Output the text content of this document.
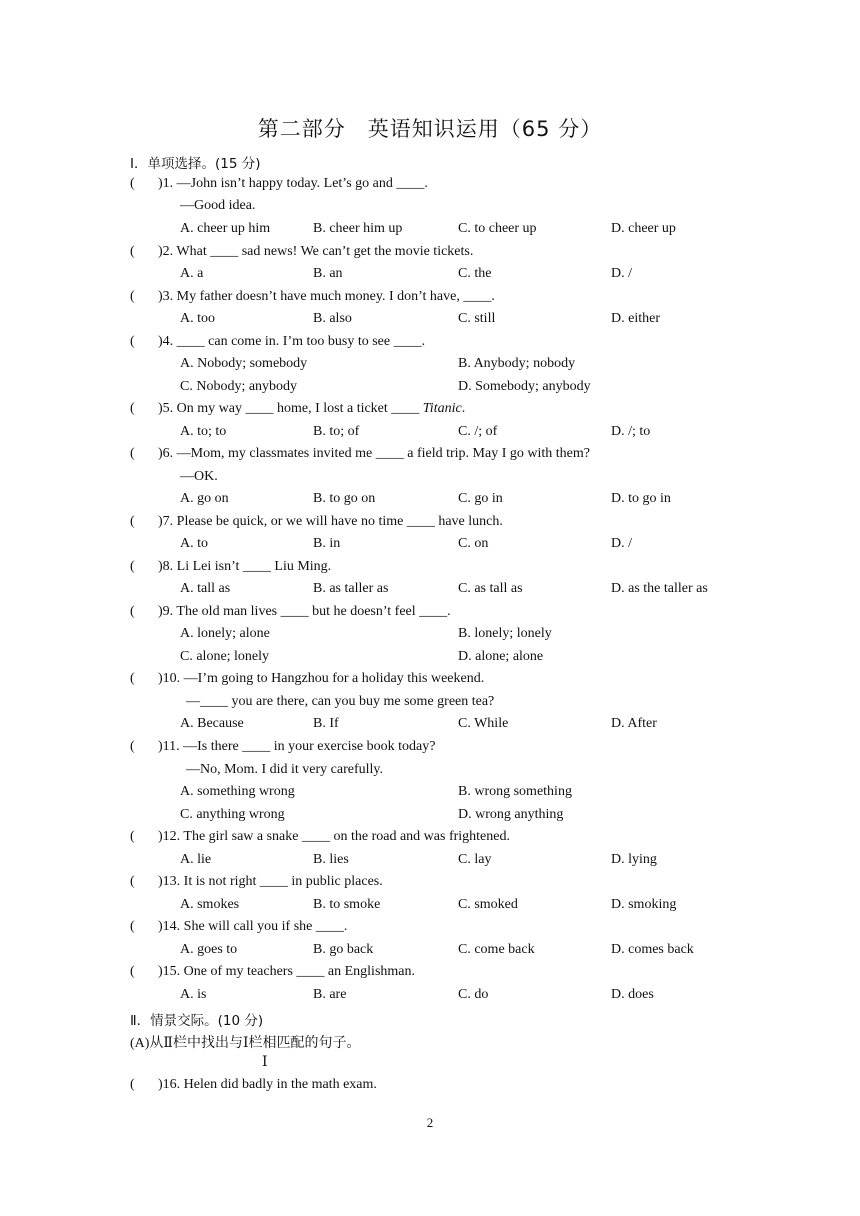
第二部分　英语知识运用（65 分）
Ⅰ．单项选择。(15 分)
( )1. —John isn’t happy today. Let’s go and ____.
—Good idea.
A. cheer up him	B. cheer him up	C. to cheer up	D. cheer up
( )2. What ____ sad news! We can’t get the movie tickets.
A. a	B. an	C. the	D. /
( )3. My father doesn’t have much money. I don’t have, ____.
A. too	B. also	C. still	D. either
( )4. ____ can come in. I’m too busy to see ____.
A. Nobody; somebody	B. Anybody; nobody
C. Nobody; anybody	D. Somebody; anybody
( )5. On my way ____ home, I lost a ticket ____ Titanic.
A. to; to	B. to; of	C. /; of	D. /; to
( )6. —Mom, my classmates invited me ____ a field trip. May I go with them?
—OK.
A. go on	B. to go on	C. go in	D. to go in
( )7. Please be quick, or we will have no time ____ have lunch.
A. to	B. in	C. on	D. /
( )8. Li Lei isn’t ____ Liu Ming.
A. tall as	B. as taller as	C. as tall as	D. as the taller as
( )9. The old man lives ____ but he doesn’t feel ____.
A. lonely; alone	B. lonely; lonely
C. alone; lonely	D. alone; alone
( )10. —I’m going to Hangzhou for a holiday this weekend.
—____ you are there, can you buy me some green tea?
A. Because	B. If	C. While	D. After
( )11. —Is there ____ in your exercise book today?
—No, Mom. I did it very carefully.
A. something wrong	B. wrong something
C. anything wrong	D. wrong anything
( )12. The girl saw a snake ____ on the road and was frightened.
A. lie	B. lies	C. lay	D. lying
( )13. It is not right ____ in public places.
A. smokes	B. to smoke	C. smoked	D. smoking
( )14. She will call you if she ____.
A. goes to	B. go back	C. come back	D. comes back
( )15. One of my teachers ____ an Englishman.
A. is	B. are	C. do	D. does
Ⅱ．情景交际。(10 分)
(A)从Ⅱ栏中找出与Ⅰ栏相匹配的句子。
Ⅰ
( )16. Helen did badly in the math exam.
2
